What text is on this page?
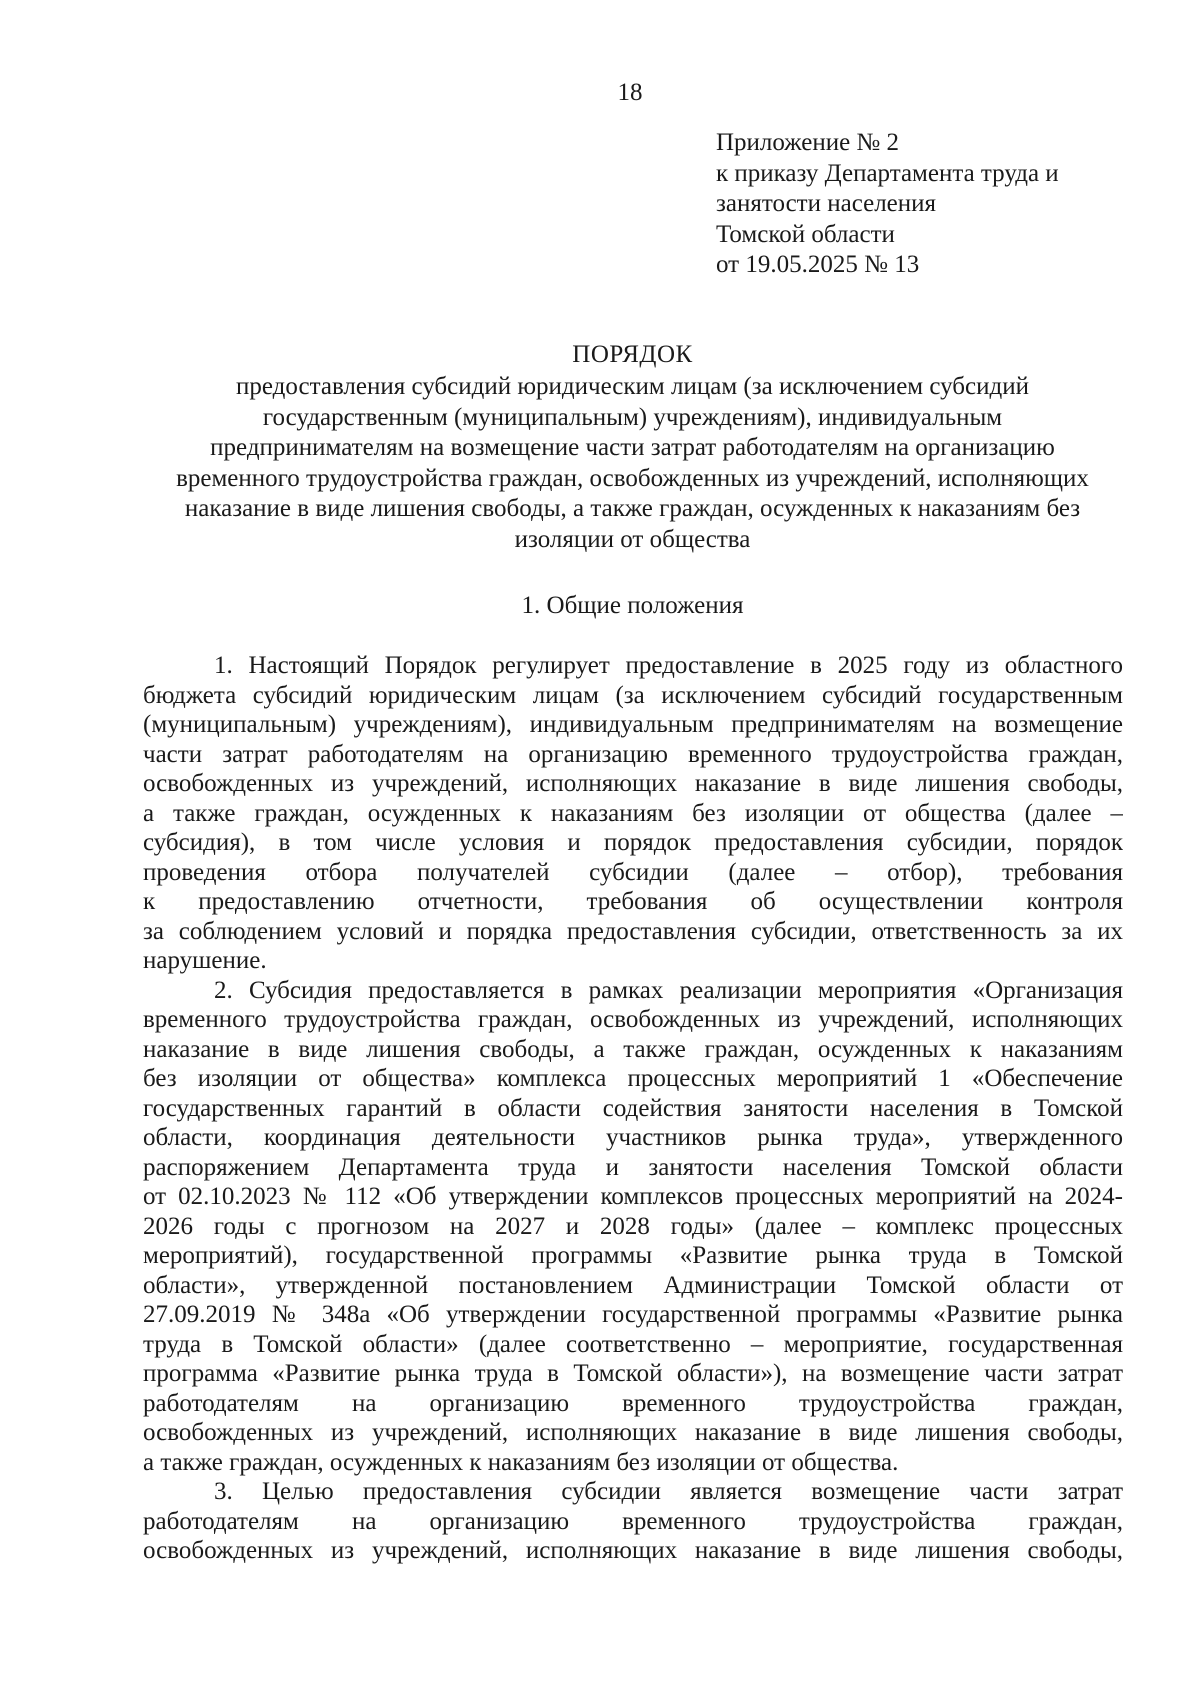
18
Приложение № 2
к приказу Департамента труда и
занятости населения
Томской области
от 19.05.2025 № 13
ПОРЯДОК
предоставления субсидий юридическим лицам (за исключением субсидий
государственным (муниципальным) учреждениям), индивидуальным
предпринимателям на возмещение части затрат работодателям на организацию
временного трудоустройства граждан, освобожденных из учреждений, исполняющих
наказание в виде лишения свободы, а также граждан, осужденных к наказаниям без
изоляции от общества
1. Общие положения
1. Настоящий Порядок регулирует предоставление в 2025 году из областного
бюджета субсидий юридическим лицам (за исключением субсидий государственным
(муниципальным) учреждениям), индивидуальным предпринимателям на возмещение
части затрат работодателям на организацию временного трудоустройства граждан,
освобожденных из учреждений, исполняющих наказание в виде лишения свободы,
а также граждан, осужденных к наказаниям без изоляции от общества (далее –
субсидия), в том числе условия и порядок предоставления субсидии, порядок
проведения отбора получателей субсидии (далее – отбор), требования
к предоставлению отчетности, требования об осуществлении контроля
за соблюдением условий и порядка предоставления субсидии, ответственность за их
нарушение.
2. Субсидия предоставляется в рамках реализации мероприятия «Организация
временного трудоустройства граждан, освобожденных из учреждений, исполняющих
наказание в виде лишения свободы, а также граждан, осужденных к наказаниям
без изоляции от общества» комплекса процессных мероприятий 1 «Обеспечение
государственных гарантий в области содействия занятости населения в Томской
области, координация деятельности участников рынка труда», утвержденного
распоряжением Департамента труда и занятости населения Томской области
от 02.10.2023 № 112 «Об утверждении комплексов процессных мероприятий на 2024-
2026 годы с прогнозом на 2027 и 2028 годы» (далее – комплекс процессных
мероприятий), государственной программы «Развитие рынка труда в Томской
области», утвержденной постановлением Администрации Томской области от
27.09.2019 № 348а «Об утверждении государственной программы «Развитие рынка
труда в Томской области» (далее соответственно – мероприятие, государственная
программа «Развитие рынка труда в Томской области»), на возмещение части затрат
работодателям на организацию временного трудоустройства граждан,
освобожденных из учреждений, исполняющих наказание в виде лишения свободы,
а также граждан, осужденных к наказаниям без изоляции от общества.
3. Целью предоставления субсидии является возмещение части затрат
работодателям на организацию временного трудоустройства граждан,
освобожденных из учреждений, исполняющих наказание в виде лишения свободы,
